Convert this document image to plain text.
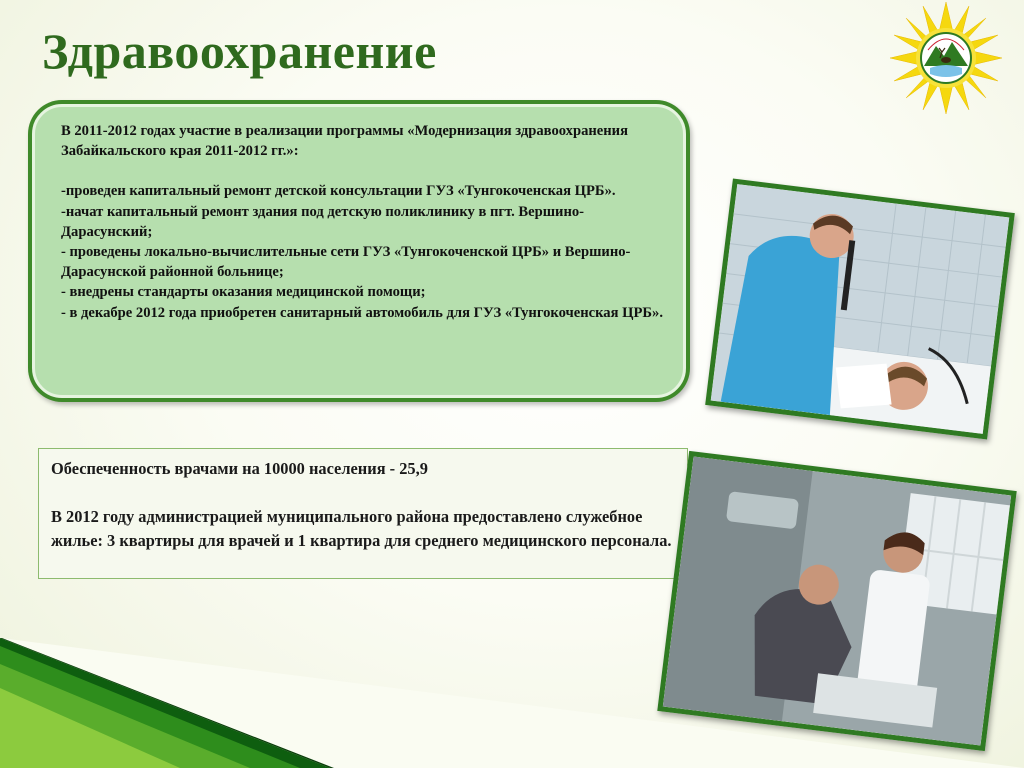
Здравоохранение

В 2011-2012 годах участие в реализации программы «Модернизация здравоохранения Забайкальского края 2011-2012 гг.»:

-проведен капитальный ремонт детской консультации ГУЗ «Тунгокоченская ЦРБ».

-начат капитальный ремонт здания под детскую поликлинику в пгт. Вершино-Дарасунский;

- проведены локально-вычислительные сети ГУЗ «Тунгокоченской ЦРБ» и Вершино-Дарасунской районной больнице;

- внедрены стандарты оказания медицинской помощи;

- в декабре 2012 года приобретен санитарный автомобиль для ГУЗ «Тунгокоченская ЦРБ».

Обеспеченность врачами на 10000 населения - 25,9

В 2012 году администрацией муниципального района предоставлено служебное жилье: 3 квартиры для врачей и 1 квартира для среднего медицинского персонала.
